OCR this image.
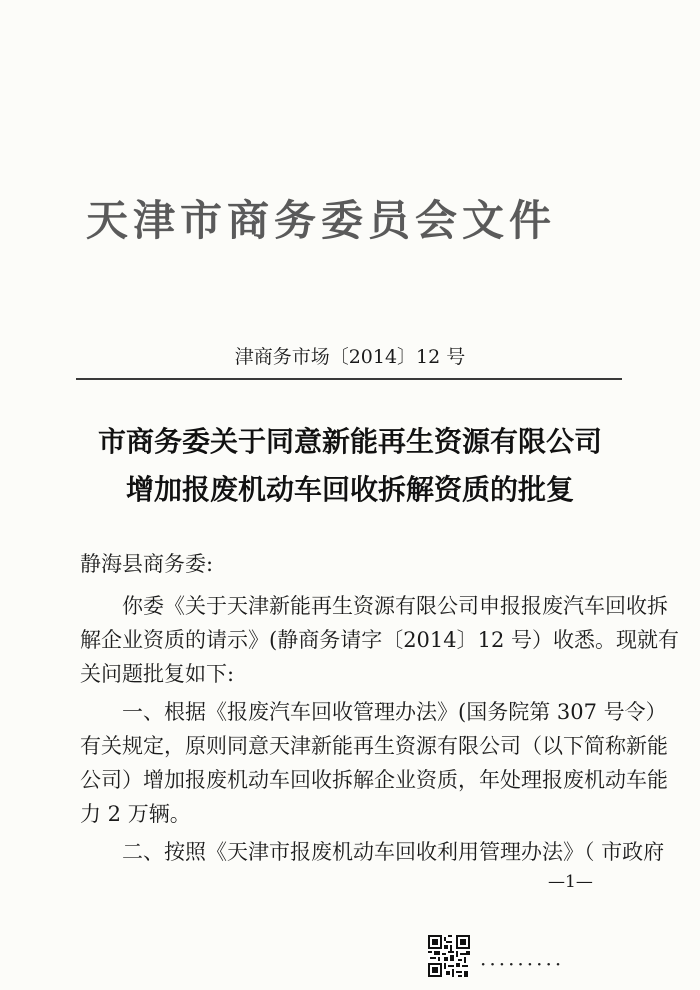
天津市商务委员会文件
津商务市场〔2014〕12 号
市商务委关于同意新能再生资源有限公司
增加报废机动车回收拆解资质的批复
静海县商务委:
　　你委《关于天津新能再生资源有限公司申报报废汽车回收拆
解企业资质的请示》(静商务请字〔2014〕12 号）收悉。现就有
关问题批复如下:
　　一、根据《报废汽车回收管理办法》(国务院第 307 号令）
有关规定，原则同意天津新能再生资源有限公司（以下简称新能
公司）增加报废机动车回收拆解企业资质，年处理报废机动车能
力 2 万辆。
　　二、按照《天津市报废机动车回收利用管理办法》（ 市政府
—1—
·········
